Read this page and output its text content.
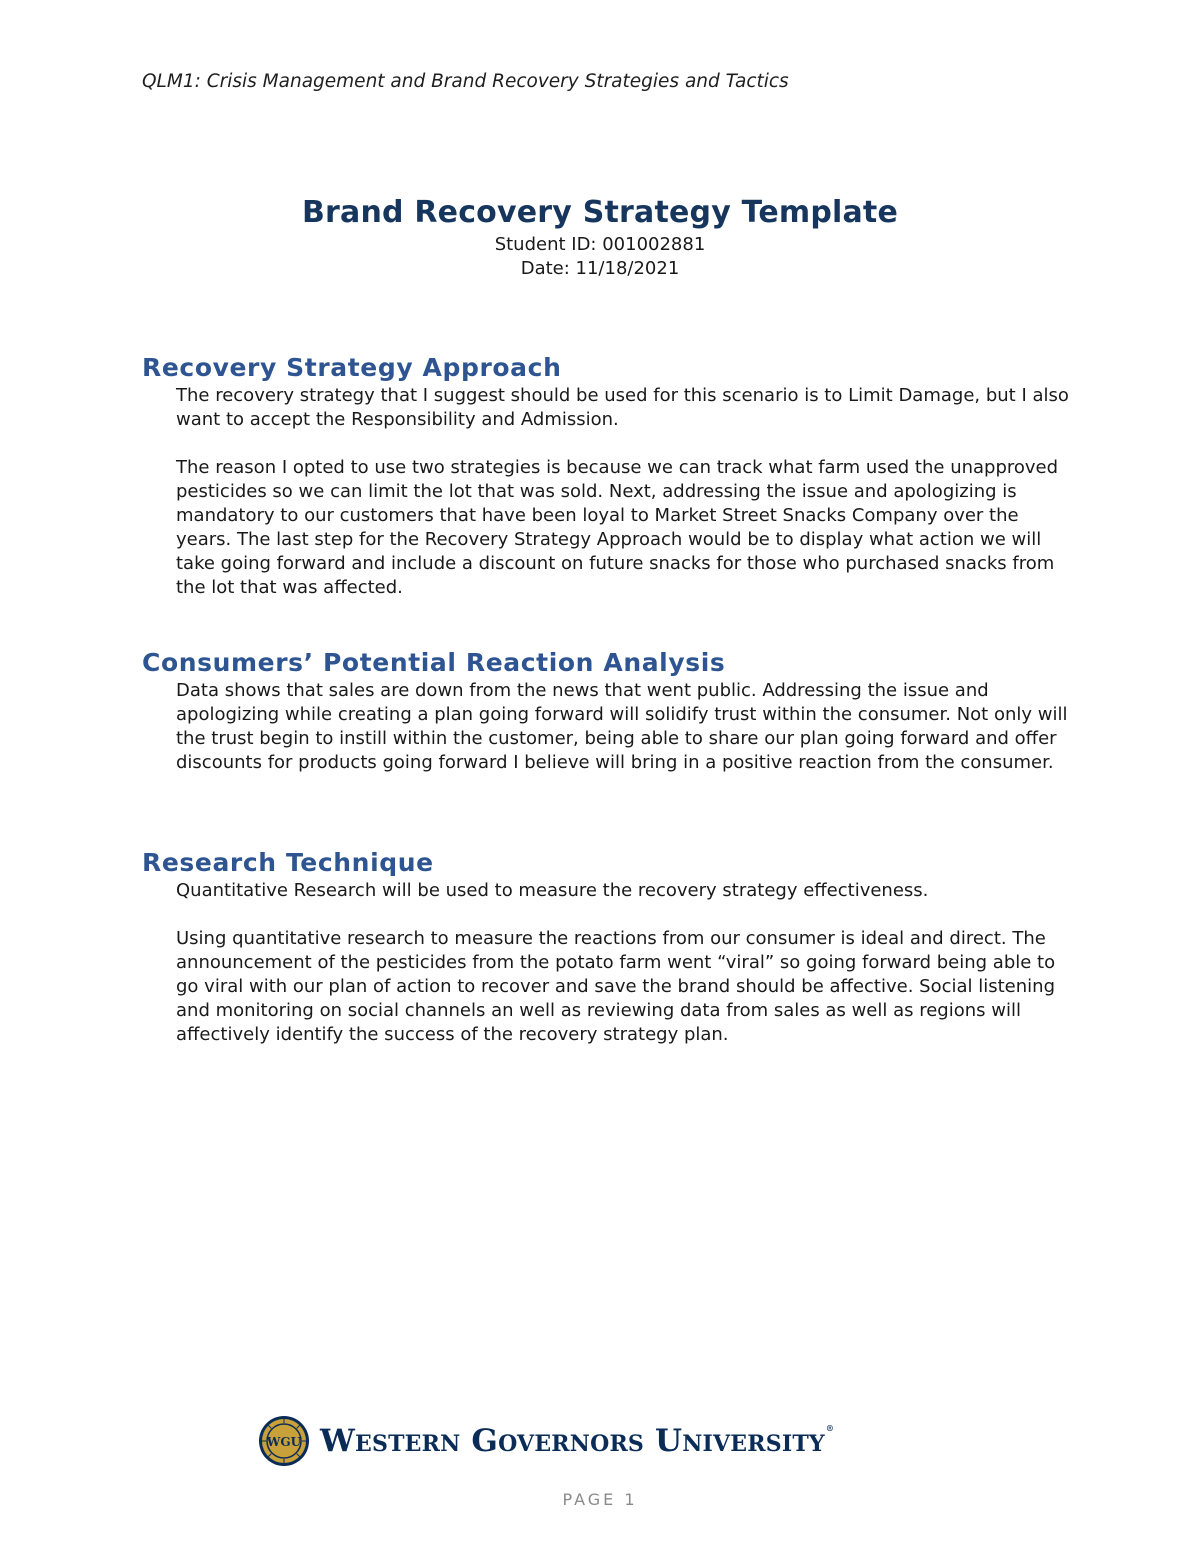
QLM1: Crisis Management and Brand Recovery Strategies and Tactics
Brand Recovery Strategy Template
Student ID: 001002881
Date: 11/18/2021
Recovery Strategy Approach

The recovery strategy that I suggest should be used for this scenario is to Limit Damage, but I also want to accept the Responsibility and Admission.

The reason I opted to use two strategies is because we can track what farm used the unapproved pesticides so we can limit the lot that was sold. Next, addressing the issue and apologizing is mandatory to our customers that have been loyal to Market Street Snacks Company over the years. The last step for the Recovery Strategy Approach would be to display what action we will take going forward and include a discount on future snacks for those who purchased snacks from the lot that was affected.

Consumers’ Potential Reaction Analysis

Data shows that sales are down from the news that went public. Addressing the issue and apologizing while creating a plan going forward will solidify trust within the consumer. Not only will the trust begin to instill within the customer, being able to share our plan going forward and offer discounts for products going forward I believe will bring in a positive reaction from the consumer.

Research Technique

Quantitative Research will be used to measure the recovery strategy effectiveness.

Using quantitative research to measure the reactions from our consumer is ideal and direct. The announcement of the pesticides from the potato farm went “viral” so going forward being able to go viral with our plan of action to recover and save the brand should be affective. Social listening and monitoring on social channels an well as reviewing data from sales as well as regions will affectively identify the success of the recovery strategy plan.

WGU Western Governors University®
PAGE 1
